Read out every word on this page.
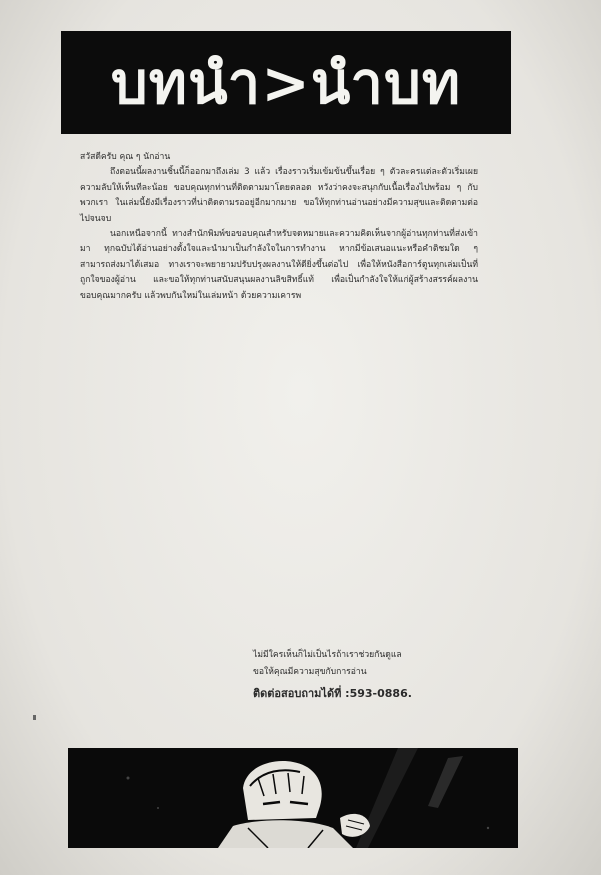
บทนำ>นำบท

สวัสดีครับ คุณ ๆ นักอ่าน

ถึงตอนนี้ผลงานชิ้นนี้ก็ออกมาถึงเล่ม 3 แล้ว เรื่องราวเริ่มเข้มข้นขึ้นเรื่อย ๆ ตัวละครแต่ละตัวเริ่มเผยความลับให้เห็นทีละน้อย ขอบคุณทุกท่านที่ติดตามมาโดยตลอด หวังว่าคงจะสนุกกับเนื้อเรื่องไปพร้อม ๆ กับพวกเรา ในเล่มนี้ยังมีเรื่องราวที่น่าติดตามรออยู่อีกมากมาย ขอให้ทุกท่านอ่านอย่างมีความสุขและติดตามต่อไปจนจบ

นอกเหนือจากนี้ ทางสำนักพิมพ์ขอขอบคุณสำหรับจดหมายและความคิดเห็นจากผู้อ่านทุกท่านที่ส่งเข้ามา ทุกฉบับได้อ่านอย่างตั้งใจและนำมาเป็นกำลังใจในการทำงาน หากมีข้อเสนอแนะหรือคำติชมใด ๆ สามารถส่งมาได้เสมอ ทางเราจะพยายามปรับปรุงผลงานให้ดียิ่งขึ้นต่อไป เพื่อให้หนังสือการ์ตูนทุกเล่มเป็นที่ถูกใจของผู้อ่าน และขอให้ทุกท่านสนับสนุนผลงานลิขสิทธิ์แท้ เพื่อเป็นกำลังใจให้แก่ผู้สร้างสรรค์ผลงาน ขอบคุณมากครับ แล้วพบกันใหม่ในเล่มหน้า ด้วยความเคารพ

ไม่มีใครเห็นก็ไม่เป็นไรถ้าเราช่วยกันดูแล
ขอให้คุณมีความสุขกับการอ่าน
ติดต่อสอบถามได้ที่ :593-0886.
